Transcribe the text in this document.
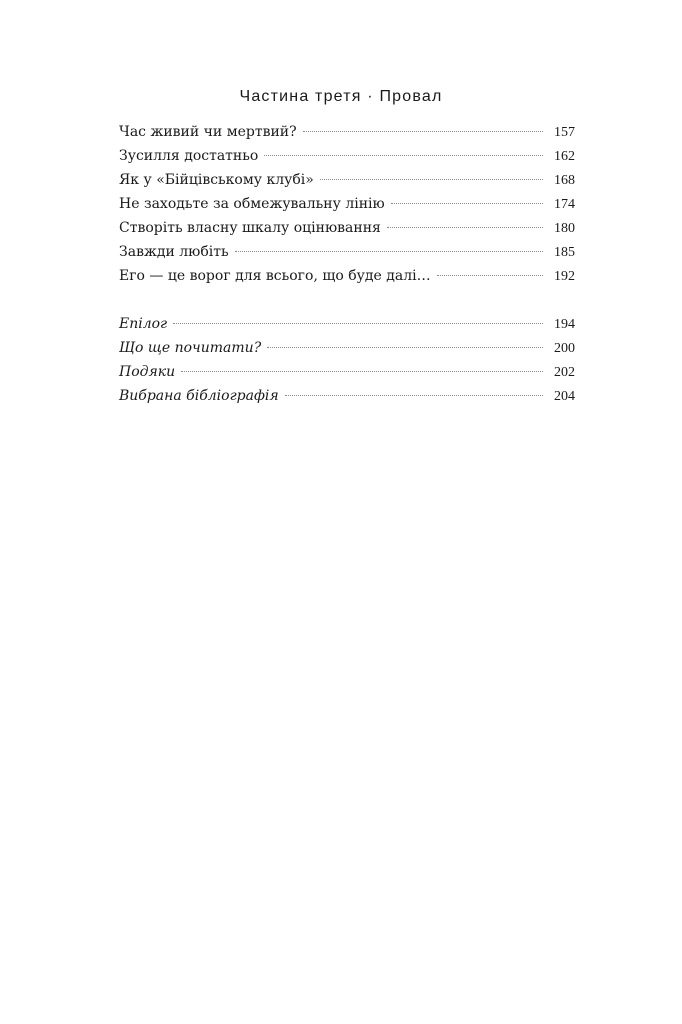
Частина третя · Провал
Час живий чи мертвий?	157
Зусилля достатньо	162
Як у «Бійцівському клубі»	168
Не заходьте за обмежувальну лінію	174
Створіть власну шкалу оцінювання	180
Завжди любіть	185
Его — це ворог для всього, що буде далі…	192
Епілог	194
Що ще почитати?	200
Подяки	202
Вибрана бібліографія	204
